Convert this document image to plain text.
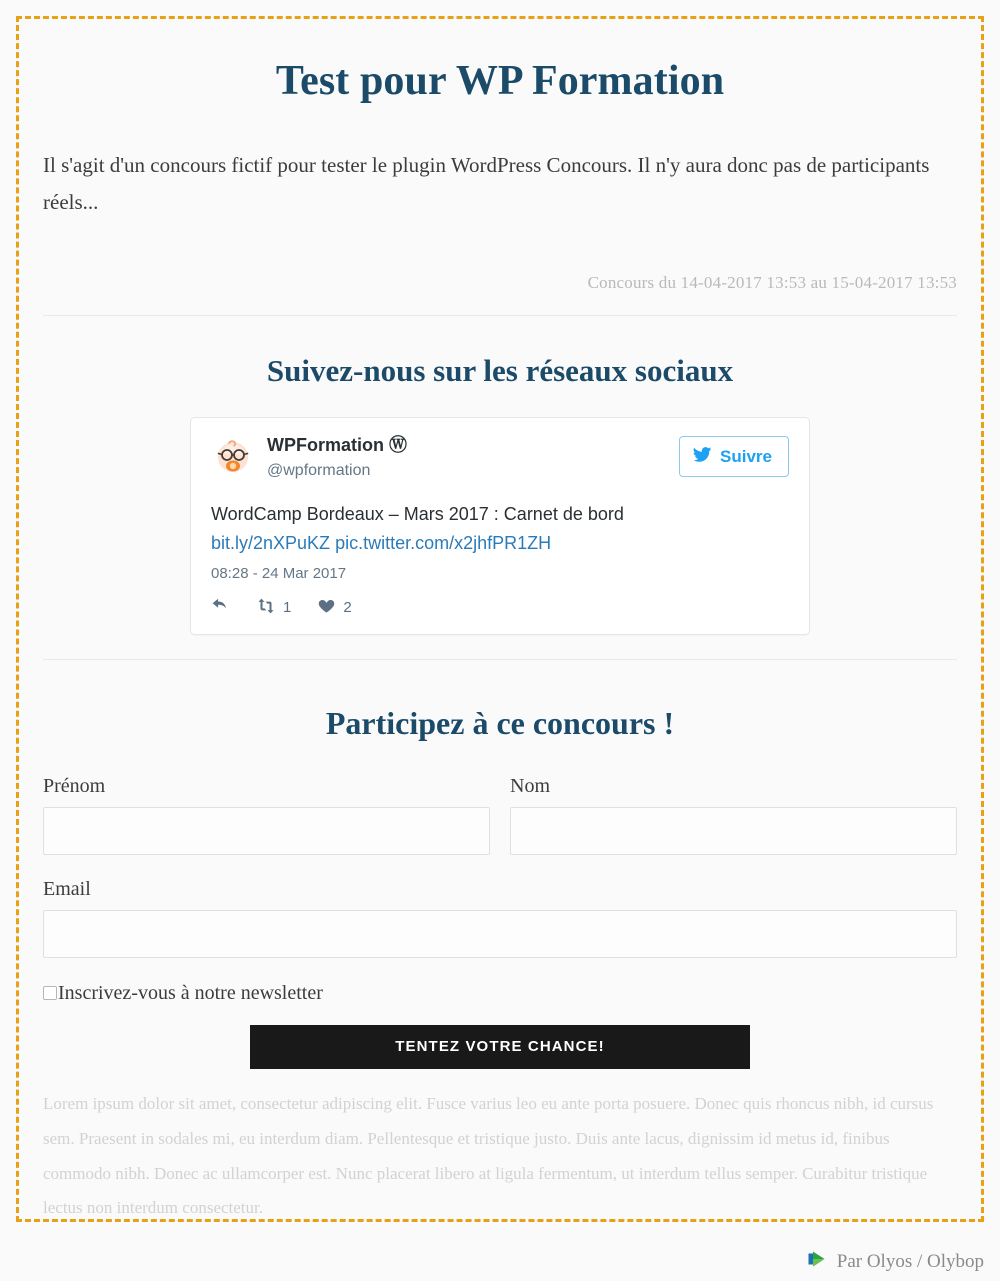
Test pour WP Formation

Il s'agit d'un concours fictif pour tester le plugin WordPress Concours. Il n'y aura donc pas de participants réels...

Concours du 14-04-2017 13:53 au 15-04-2017 13:53

Suivez-nous sur les réseaux sociaux
WPFormation Ⓦ
@wpformation
Suivre
WordCamp Bordeaux – Mars 2017 : Carnet de bord
bit.ly/2nXPuKZ pic.twitter.com/x2jhfPR1ZH
08:28 - 24 Mar 2017
1	2
Participez à ce concours !
Prénom	Nom
Email
Inscrivez-vous à notre newsletter
TENTEZ VOTRE CHANCE!

Lorem ipsum dolor sit amet, consectetur adipiscing elit. Fusce varius leo eu ante porta posuere. Donec quis rhoncus nibh, id cursus sem. Praesent in sodales mi, eu interdum diam. Pellentesque et tristique justo. Duis ante lacus, dignissim id metus id, finibus commodo nibh. Donec ac ullamcorper est. Nunc placerat libero at ligula fermentum, ut interdum tellus semper. Curabitur tristique lectus non interdum consectetur.

Par Olyos / Olybop
